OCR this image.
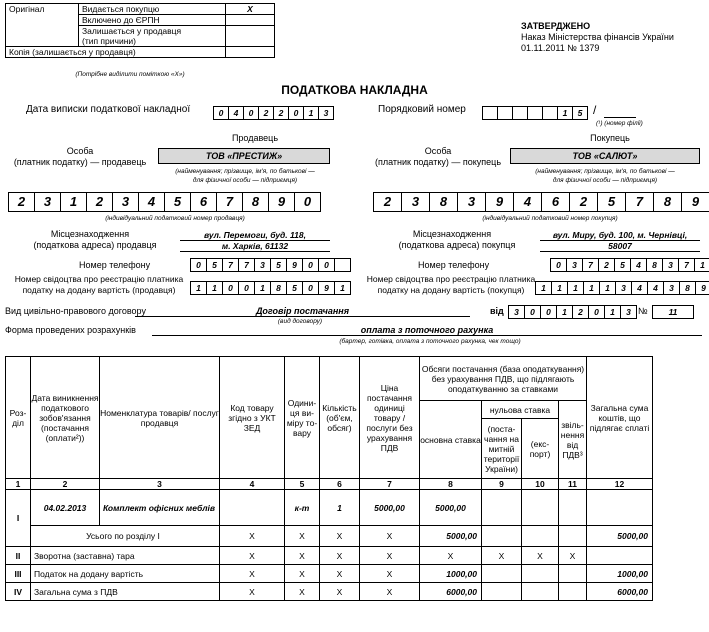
Оригінал	Видається покупцю	X
	Включено до ЄРПН	
	Залишається у продавця	
	(тип причини)	
Копія (залишається у продавця)		
(Потрібне виділити поміткою «Х»)
ЗАТВЕРДЖЕНО
Наказ Міністерства фінансів України
01.11.2011 № 1379
ПОДАТКОВА НАКЛАДНА
Дата виписки податкової накладної	0	4	0	2	2	0	1	3	Порядковий номер	1	5 /
(¹) (номер філії)
Продавець
Особа
(платник податку) — продавець
ТОВ «ПРЕСТИЖ»
(найменування; прізвище, ім'я, по батькові —
для фізичної особи — підприємця)
2	3	1	2	3	4	5	6	7	8	9	0
(індивідуальний податковий номер продавця)
Місцезнаходження
(податкова адреса) продавця
вул. Перемоги, буд. 118,
м. Харків, 61132
Номер телефону	0	5	7	7	3	5	9	0	0
Номер свідоцтва про реєстрацію платника
податку на додану вартість (продавця)	1	1	0	0	1	8	5	0	9	1
Покупець
Особа
(платник податку) — покупець
ТОВ «САЛЮТ»
(найменування; прізвище, ім'я, по батькові —
для фізичної особи — підприємця)
2	3	8	3	9	4	6	2	5	7	8	9
(індивідуальний податковий номер покупця)
Місцезнаходження
(податкова адреса) покупця
вул. Миру, буд. 100, м. Чернівці,
58007
Номер телефону	0	3	7	2	5	4	8	3	7	1
Номер свідоцтва про реєстрацію платника
податку на додану вартість (покупця)	1	1	1	1	1	3	4	4	3	8	9
Вид цивільно-правового договору	Договір постачання
(вид договору)
від	3	0	0	1	2	0	1	3 №	11
Форма проведених розрахунків	оплата з поточного рахунка
(бартер, готівка, оплата з поточного рахунка, чек тощо)
Роз-діл	Дата виникнення податкового зобов'язання (постачання (оплати²))	Номенклатура товарів/ послуг продавця	Код товару згідно з УКТ ЗЕД	Одини-ця ви-міру то-вару	Кількість (об'єм, обсяг)	Ціна постачання одиниці товару / послуги без урахування ПДВ	Обсяги постачання (база оподаткування) без урахування ПДВ, що підлягають оподаткуванню за ставками				Загальна сума коштів, що підлягає сплаті
							основна ставка	нульова ставка		звіль-нення від ПДВ³	
								(поста-чання на митній території України)	(екс-порт)		
1	2	3	4	5	6	7	8	9	10	11	12
I	04.02.2013	Комплект офісних меблів		к-т	1	5000,00	5000,00				
	Усього по розділу I		X	X	X	X	5000,00				5000,00
II	Зворотна (заставна) тара		X	X	X	X	X	X	X	X	
III	Податок на додану вартість		X	X	X	X	1000,00				1000,00
IV	Загальна сума з ПДВ		X	X	X	X	6000,00				6000,00
